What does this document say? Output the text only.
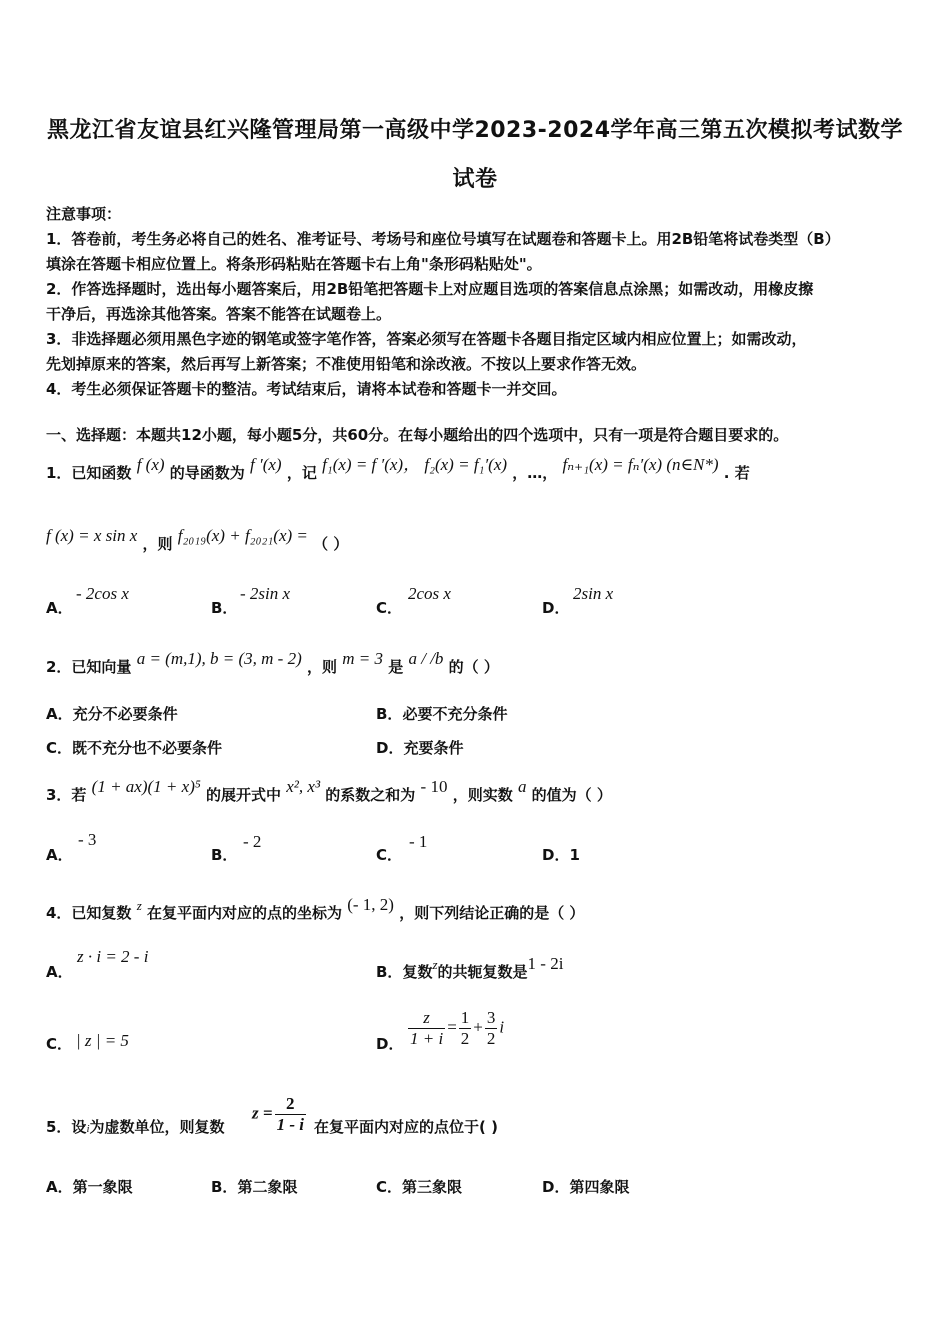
黑龙江省友谊县红兴隆管理局第一高级中学2023-2024学年高三第五次模拟考试数学
试卷

注意事项：

1．答卷前，考生务必将自己的姓名、准考证号、考场号和座位号填写在试题卷和答题卡上。用2B铅笔将试卷类型（B）

填涂在答题卡相应位置上。将条形码粘贴在答题卡右上角"条形码粘贴处"。

2．作答选择题时，选出每小题答案后，用2B铅笔把答题卡上对应题目选项的答案信息点涂黑；如需改动，用橡皮擦

干净后，再选涂其他答案。答案不能答在试题卷上。

3．非选择题必须用黑色字迹的钢笔或签字笔作答，答案必须写在答题卡各题目指定区域内相应位置上；如需改动，

先划掉原来的答案，然后再写上新答案；不准使用铅笔和涂改液。不按以上要求作答无效。

4．考生必须保证答题卡的整洁。考试结束后，请将本试卷和答题卡一并交回。

一、选择题：本题共12小题，每小题5分，共60分。在每小题给出的四个选项中，只有一项是符合题目要求的。
1．已知函数 f (x) 的导函数为 f ′(x) ，记 f₁(x) = f ′(x)， f₂(x) = f₁′(x) ，…， fₙ₊₁(x) = fₙ′(x) (n∈N*) . 若
f (x) = x sin x ，则 f₂₀₁₉(x) + f₂₀₂₁(x) = （ ）
A．
- 2cos x
B．
- 2sin x
C．
2cos x
D．
2sin x
2．已知向量 a = (m,1), b = (3, m - 2) ，则 m = 3 是 a / /b 的（ ）
A．充分不必要条件	B．必要不充分条件
C．既不充分也不必要条件	D．充要条件
3．若 (1 + ax)(1 + x)⁵ 的展开式中 x², x³ 的系数之和为 - 10 ，则实数 a 的值为（ ）
A．
- 3
B．
- 2
C．
- 1
D．1
4．已知复数 z 在复平面内对应的点的坐标为 (- 1, 2) ，则下列结论正确的是（ ）
A．
z · i = 2 - i
B．复数z的共轭复数是1 - 2i
C． | z | = 5	D． $\frac{z}{1 + i} = \frac{1}{2} + \frac{3}{2}$ i
5．设i为虚数单位，则复数
$z = \frac{2}{1 - i}$ 在复平面内对应的点位于( )
A．第一象限	B．第二象限	C．第三象限	D．第四象限
